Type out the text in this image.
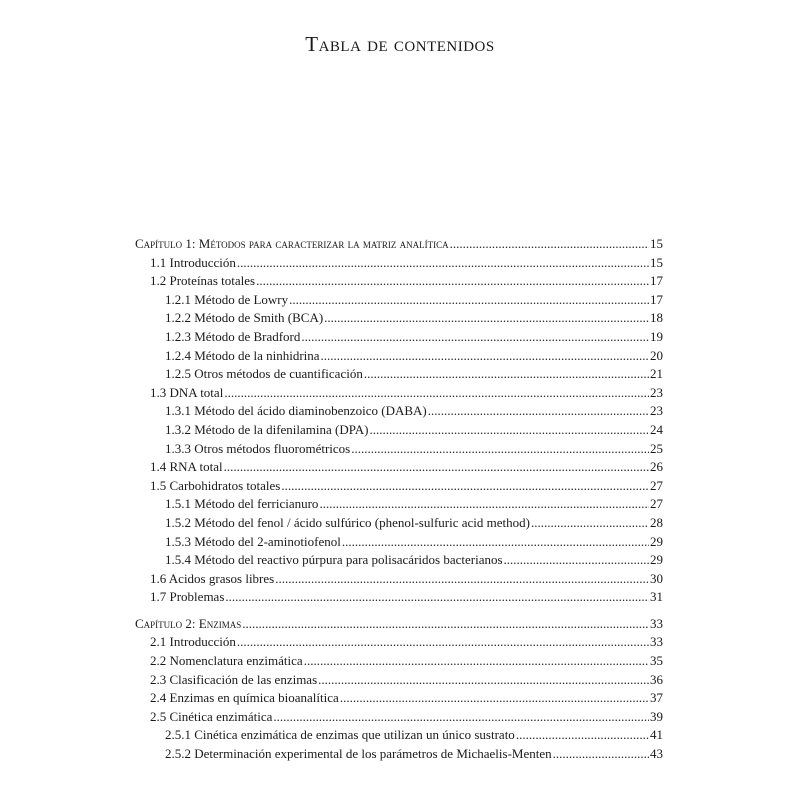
Tabla de contenidos
Capítulo 1: Métodos para caracterizar la matriz analítica .....	15
1.1 Introducción .....	15
1.2 Proteínas totales .....	17
1.2.1 Método de Lowry .....	17
1.2.2 Método de Smith (BCA) .....	18
1.2.3 Método de Bradford .....	19
1.2.4 Método de la ninhidrina .....	20
1.2.5 Otros métodos de cuantificación .....	21
1.3 DNA total .....	23
1.3.1 Método del ácido diaminobenzoico (DABA) .....	23
1.3.2 Método de la difenilamina (DPA) .....	24
1.3.3 Otros métodos fluorométricos .....	25
1.4 RNA total .....	26
1.5 Carbohidratos totales .....	27
1.5.1 Método del ferricianuro .....	27
1.5.2 Método del fenol / ácido sulfúrico (phenol-sulfuric acid method) .....	28
1.5.3 Método del 2-aminotiofenol .....	29
1.5.4 Método del reactivo púrpura para polisacáridos bacterianos .....	29
1.6 Acidos grasos libres .....	30
1.7 Problemas .....	31
Capítulo 2: Enzimas .....	33
2.1 Introducción .....	33
2.2 Nomenclatura enzimática .....	35
2.3 Clasificación de las enzimas .....	36
2.4 Enzimas en química bioanalítica .....	37
2.5 Cinética enzimática .....	39
2.5.1 Cinética enzimática de enzimas que utilizan un único sustrato .....	41
2.5.2 Determinación experimental de los parámetros de Michaelis-Menten .....	43
